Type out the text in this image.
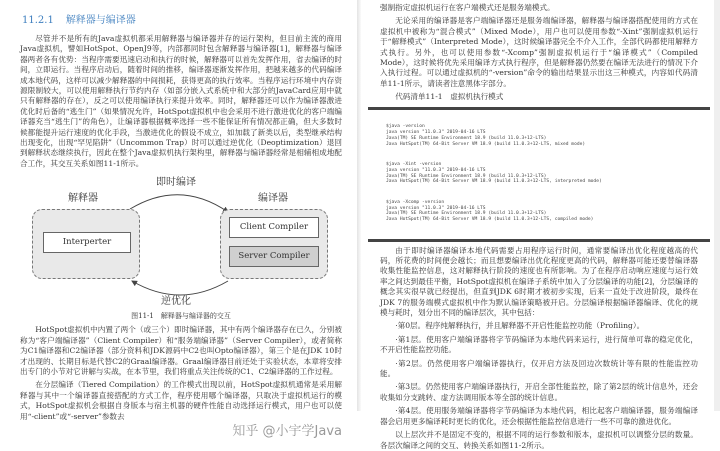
11.2.1 解释器与编译器

尽管并不是所有的Java虚拟机都采用解释器与编译器并存的运行架构，但目前主流的商用Java虚拟机，譬如HotSpot、OpenJ9等，内部都同时包含解释器与编译器[1]，解释器与编译器两者各有优势：当程序需要迅速启动和执行的时候，解释器可以首先发挥作用，省去编译的时间，立即运行。当程序启动后，随着时间的推移，编译器逐渐发挥作用，把越来越多的代码编译成本地代码，这样可以减少解释器的中间损耗，获得更高的执行效率。当程序运行环境中内存资源限制较大，可以使用解释执行节约内存（如部分嵌入式系统中和大部分的JavaCard应用中就只有解释器的存在），反之可以使用编译执行来提升效率。同时，解释器还可以作为编译器激进优化时后备的“逃生门”（如果情况允许，HotSpot虚拟机中也会采用不进行激进优化的客户端编译器充当“逃生门”的角色），让编译器根据概率选择一些不能保证所有情况都正确，但大多数时候都能提升运行速度的优化手段，当激进优化的假设不成立，如加载了新类以后，类型继承结构出现变化，出现“罕见陷阱”（Uncommon Trap）时可以通过逆优化（Deoptimization）退回到解释状态继续执行，因此在整个Java虚拟机执行架构里，解释器与编译器经常是相辅相成地配合工作，其交互关系如图11-1所示。

即时编译
解释器	编译器
Interperter
Client Compiler
Server Compiler
逆优化
图11-1　解释器与编译器的交互

HotSpot虚拟机中内置了两个（或三个）即时编译器，其中有两个编译器存在已久，分别被称为“客户端编译器”（Client Compiler）和“服务端编译器”（Server Compiler），或者简称为C1编译器和C2编译器（部分资料和JDK源码中C2也叫Opto编译器），第三个是在JDK 10时才出现的、长期目标是代替C2的Graal编译器。Graal编译器目前还处于实验状态，本章将安排出专门的小节对它讲解与实战，在本节里，我们将重点关注传统的C1、C2编译器的工作过程。

在分层编译（Tiered Compilation）的工作模式出现以前，HotSpot虚拟机通常是采用解释器与其中一个编译器直接搭配的方式工作，程序使用哪个编译器，只取决于虚拟机运行的模式，HotSpot虚拟机会根据自身版本与宿主机器的硬件性能自动选择运行模式，用户也可以使用“-client”或“-server”参数去

知乎 @小宇学Java

强制指定虚拟机运行在客户端模式还是服务端模式。

无论采用的编译器是客户端编译器还是服务端编译器，解释器与编译器搭配使用的方式在虚拟机中被称为“混合模式”（Mixed Mode），用户也可以使用参数“-Xint”强制虚拟机运行于“解释模式”（Interpreted Mode），这时候编译器完全不介入工作，全部代码都使用解释方式执行。另外，也可以使用参数“-Xcomp”强制虚拟机运行于“编译模式”（Compiled Mode），这时候将优先采用编译方式执行程序，但是解释器仍然要在编译无法进行的情况下介入执行过程。可以通过虚拟机的“-version”命令的输出结果显示出这三种模式，内容如代码清单11-1所示，请读者注意黑体字部分。

代码清单11-1　虚拟机执行模式

$java -version
java version "11.0.3" 2019-04-16 LTS
Java(TM) SE Runtime Environment 18.9 (build 11.0.3+12-LTS)
Java HotSpot(TM) 64-Bit Server VM 18.9 (build 11.0.3+12-LTS, mixed mode)

$java -Xint -version
java version "11.0.3" 2019-04-16 LTS
Java(TM) SE Runtime Environment 18.9 (build 11.0.3+12-LTS)
Java HotSpot(TM) 64-Bit Server VM 18.9 (build 11.0.3+12-LTS, interpreted mode)

$java -Xcomp -version
java version "11.0.3" 2019-04-16 LTS
Java(TM) SE Runtime Environment 18.9 (build 11.0.3+12-LTS)
Java HotSpot(TM) 64-Bit Server VM 18.9 (build 11.0.3+12-LTS, compiled mode)

由于即时编译器编译本地代码需要占用程序运行时间，通常要编译出优化程度越高的代码，所花费的时间便会越长；而且想要编译出优化程度更高的代码，解释器可能还要替编译器收集性能监控信息，这对解释执行阶段的速度也有所影响。为了在程序启动响应速度与运行效率之间达到最佳平衡，HotSpot虚拟机在编译子系统中加入了分层编译的功能[2]，分层编译的概念其实很早就已经提出，但直到JDK 6时期才被初步实现，后来一直处于改进阶段，最终在JDK 7的服务端模式虚拟机中作为默认编译策略被开启。分层编译根据编译器编译、优化的规模与耗时，划分出不同的编译层次，其中包括：

·第0层。程序纯解释执行，并且解释器不开启性能监控功能（Profiling）。

·第1层。使用客户端编译器将字节码编译为本地代码来运行，进行简单可靠的稳定优化，不开启性能监控功能。

·第2层。仍然使用客户端编译器执行，仅开启方法及回边次数统计等有限的性能监控功能。

·第3层。仍然使用客户端编译器执行，开启全部性能监控，除了第2层的统计信息外，还会收集如分支跳转、虚方法调用版本等全部的统计信息。

·第4层。使用服务端编译器将字节码编译为本地代码，相比起客户端编译器，服务端编译器会启用更多编译耗时更长的优化，还会根据性能监控信息进行一些不可靠的激进优化。

以上层次并不是固定不变的，根据不同的运行参数和版本，虚拟机可以调整分层的数量。各层次编译之间的交互、转换关系如图11-2所示。
